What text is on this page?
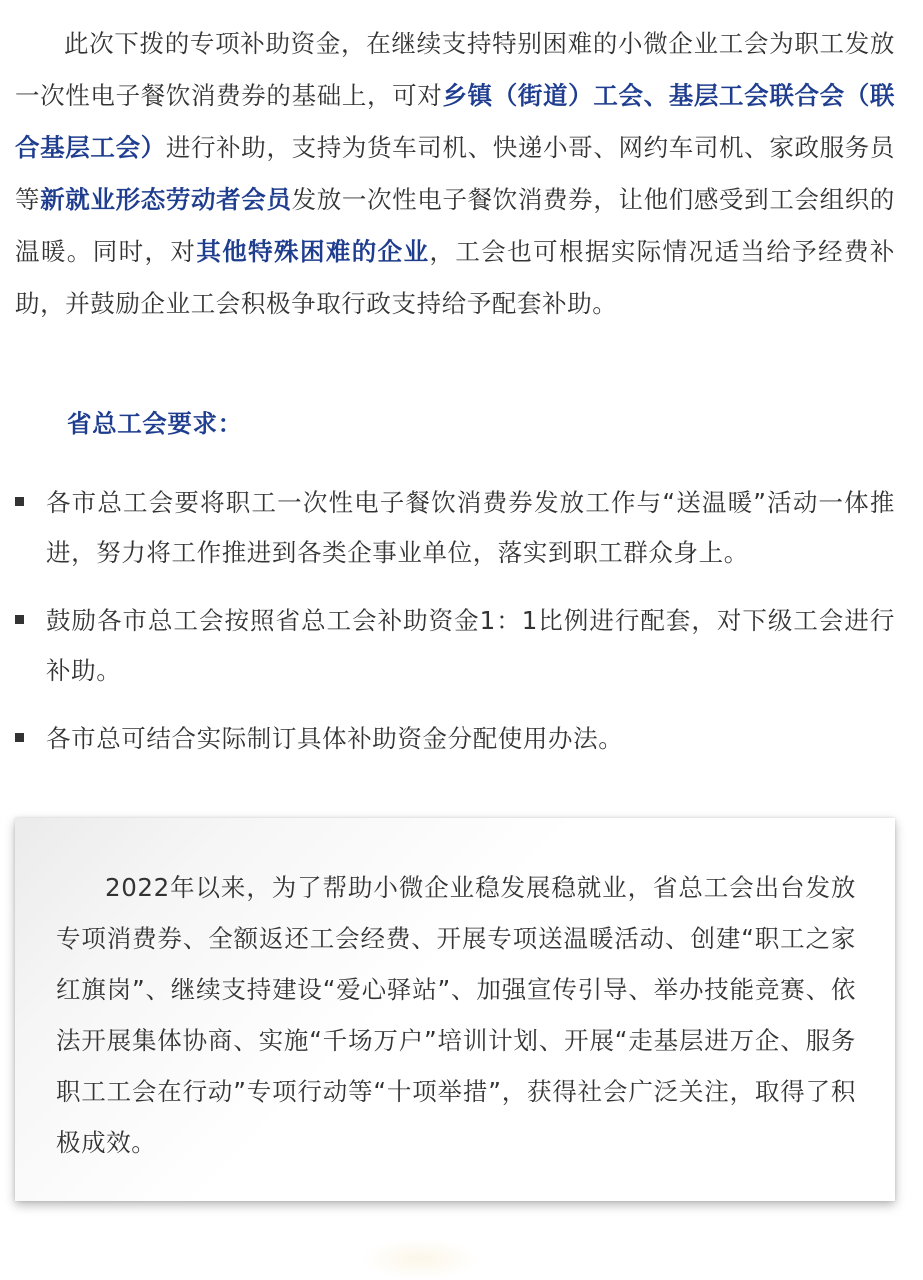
此次下拨的专项补助资金，在继续支持特别困难的小微企业工会为职工发放一次性电子餐饮消费券的基础上，可对乡镇（街道）工会、基层工会联合会（联合基层工会）进行补助，支持为货车司机、快递小哥、网约车司机、家政服务员等新就业形态劳动者会员发放一次性电子餐饮消费券，让他们感受到工会组织的温暖。同时，对其他特殊困难的企业，工会也可根据实际情况适当给予经费补助，并鼓励企业工会积极争取行政支持给予配套补助。

省总工会要求：
各市总工会要将职工一次性电子餐饮消费券发放工作与“送温暖”活动一体推进，努力将工作推进到各类企事业单位，落实到职工群众身上。
鼓励各市总工会按照省总工会补助资金1：1比例进行配套，对下级工会进行补助。
各市总可结合实际制订具体补助资金分配使用办法。

2022年以来，为了帮助小微企业稳发展稳就业，省总工会出台发放专项消费券、全额返还工会经费、开展专项送温暖活动、创建“职工之家红旗岗”、继续支持建设“爱心驿站”、加强宣传引导、举办技能竞赛、依法开展集体协商、实施“千场万户”培训计划、开展“走基层进万企、服务职工工会在行动”专项行动等“十项举措”，获得社会广泛关注，取得了积极成效。
